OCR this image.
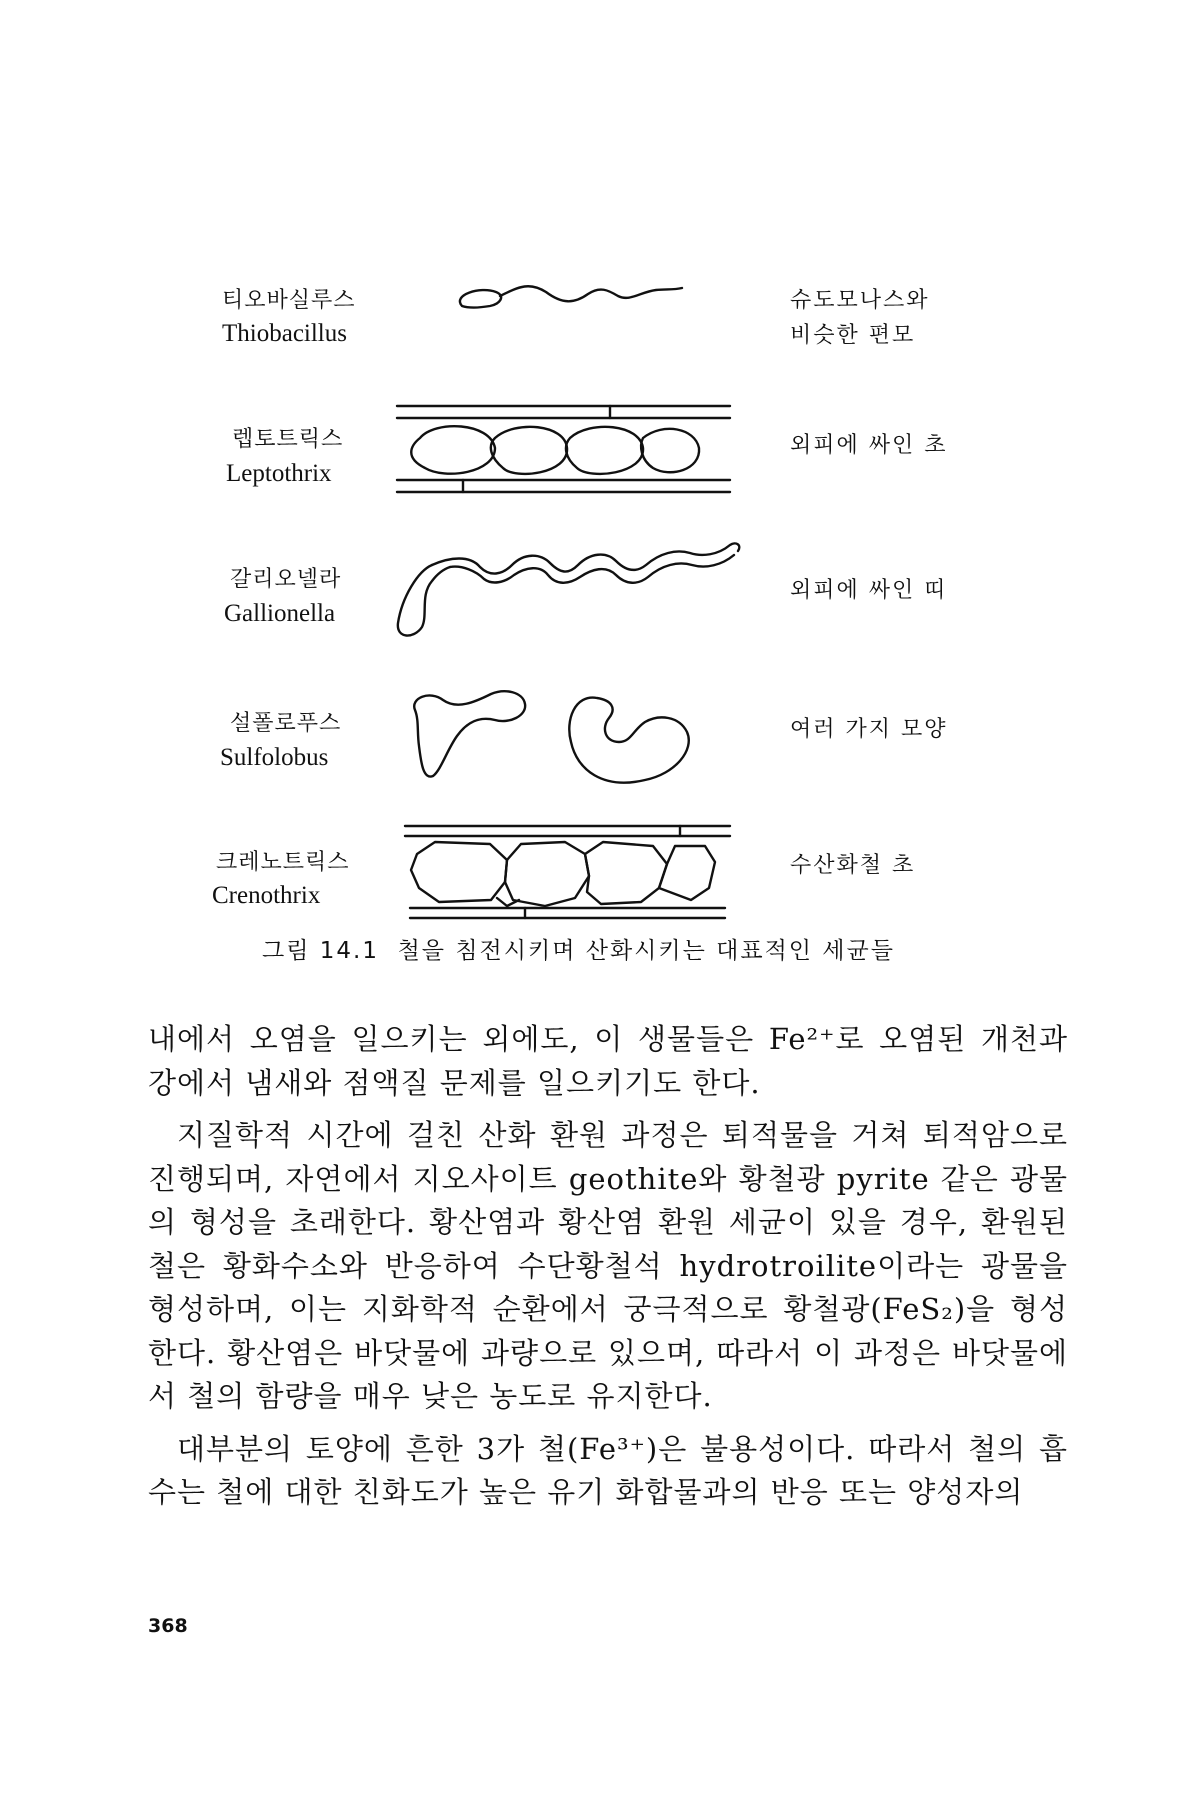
티오바실루스
Thiobacillus
슈도모나스와
비슷한 편모
렙토트릭스
Leptothrix
외피에 싸인 초
갈리오넬라
Gallionella
외피에 싸인 띠
설폴로푸스
Sulfolobus
여러 가지 모양
크레노트릭스
Crenothrix
수산화철 초
그림 14.1  철을 침전시키며 산화시키는 대표적인 세균들

내에서 오염을 일으키는 외에도, 이 생물들은 Fe²⁺로 오염된 개천과 강에서 냄새와 점액질 문제를 일으키기도 한다.

지질학적 시간에 걸친 산화 환원 과정은 퇴적물을 거쳐 퇴적암으로 진행되며, 자연에서 지오사이트 geothite와 황철광 pyrite 같은 광물의 형성을 초래한다. 황산염과 황산염 환원 세균이 있을 경우, 환원된 철은 황화수소와 반응하여 수단황철석 hydrotroilite이라는 광물을 형성하며, 이는 지화학적 순환에서 궁극적으로 황철광(FeS₂)을 형성한다. 황산염은 바닷물에 과량으로 있으며, 따라서 이 과정은 바닷물에서 철의 함량을 매우 낮은 농도로 유지한다.

대부분의 토양에 흔한 3가 철(Fe³⁺)은 불용성이다. 따라서 철의 흡수는 철에 대한 친화도가 높은 유기 화합물과의 반응 또는 양성자의

368
